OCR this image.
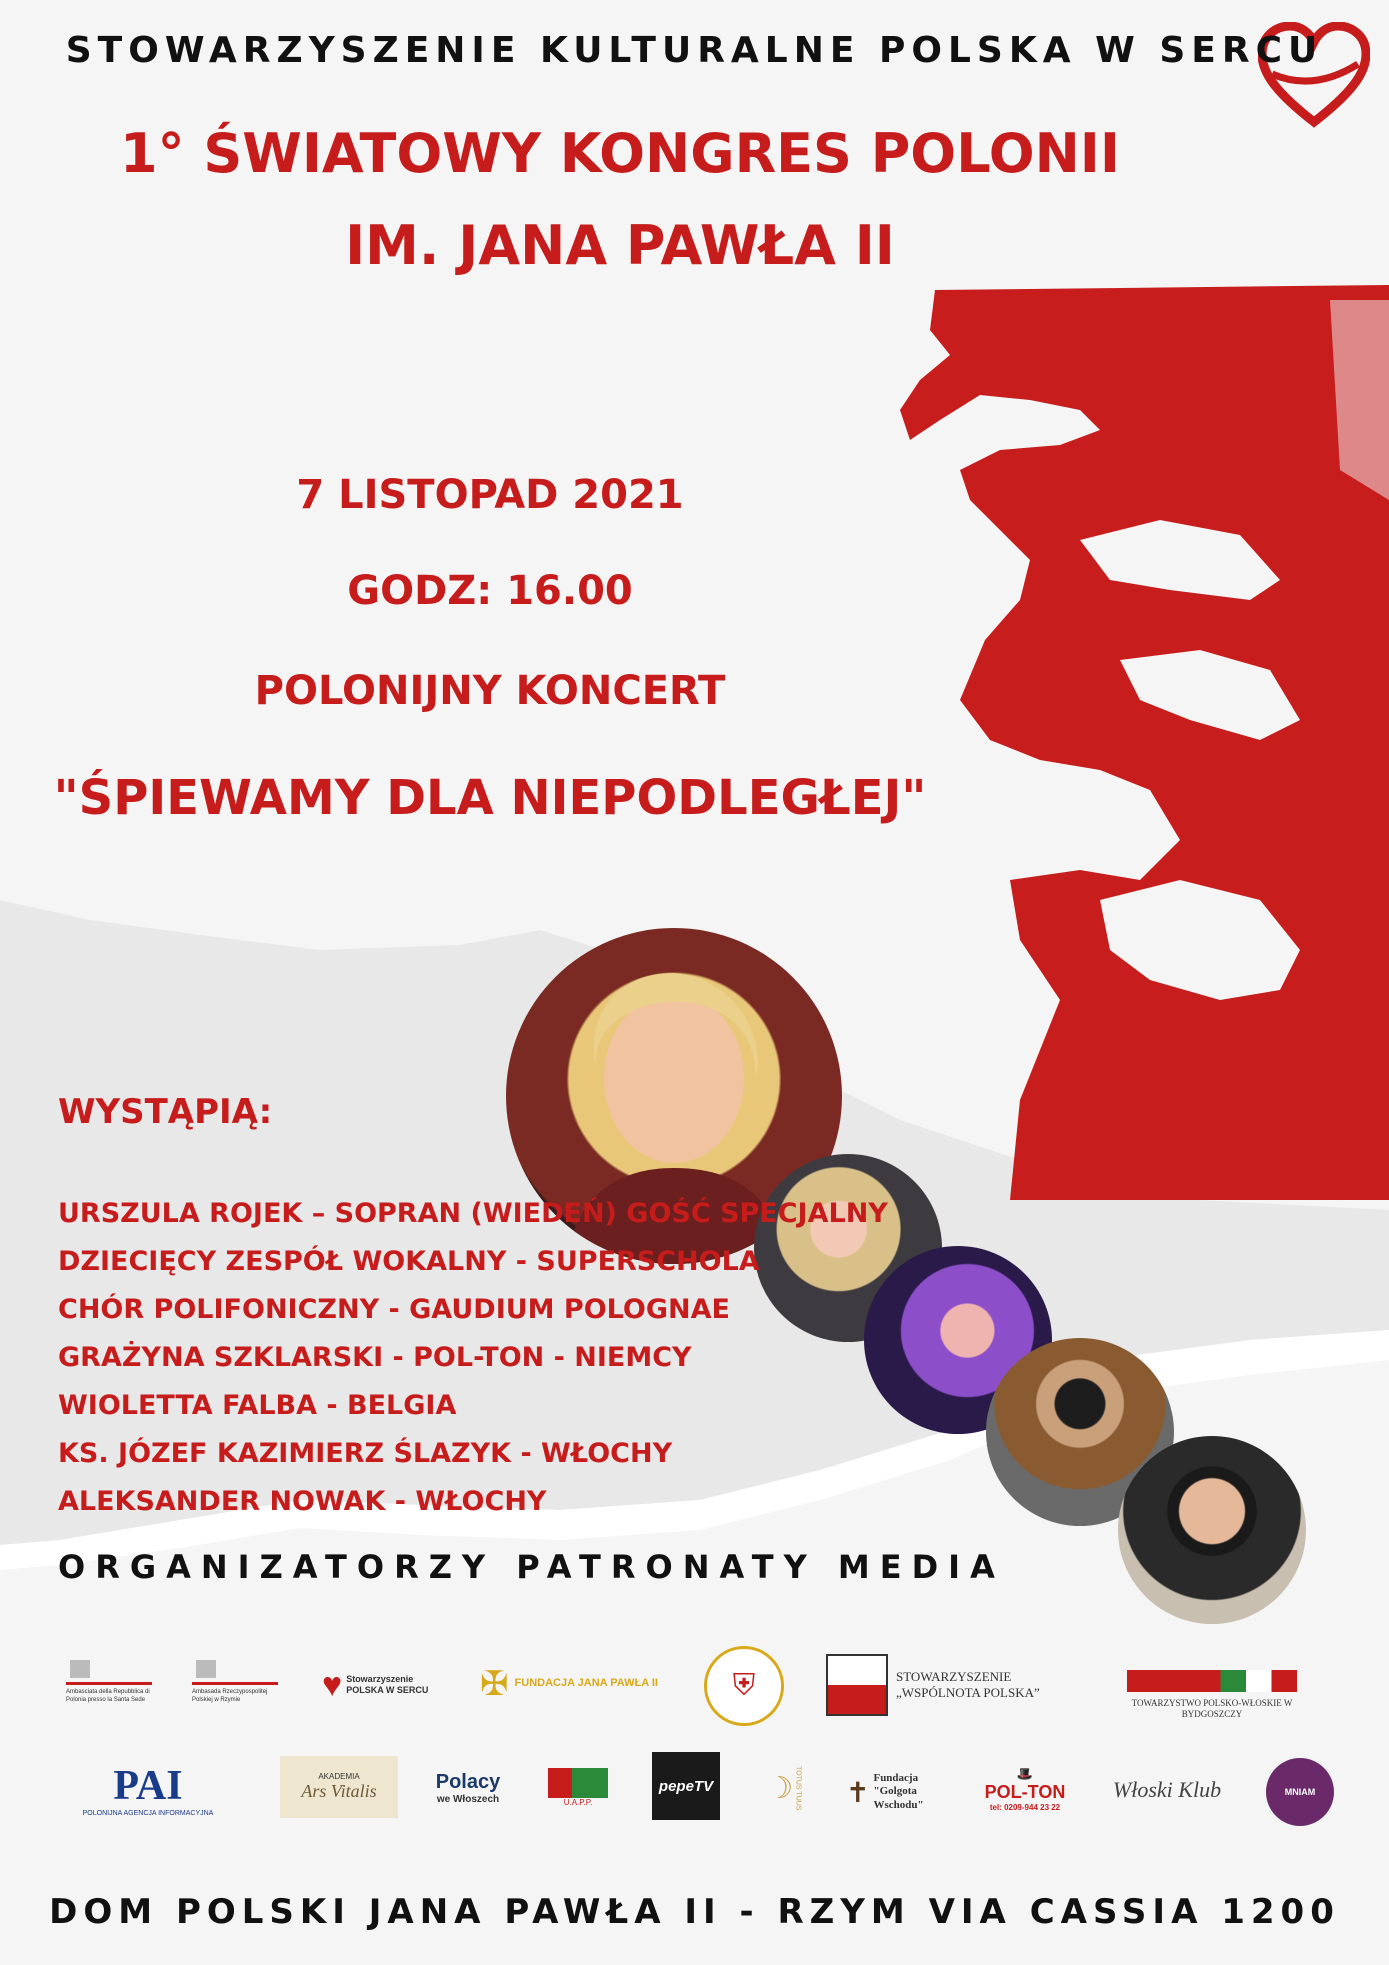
STOWARZYSZENIE KULTURALNE POLSKA W SERCU

1° ŚWIATOWY KONGRES POLONII

IM. JANA PAWŁA II

7 LISTOPAD 2021

GODZ: 16.00

POLONIJNY KONCERT

"ŚPIEWAMY DLA NIEPODLEGŁEJ"

WYSTĄPIĄ:

URSZULA ROJEK – SOPRAN (WIEDEŃ) GOŚĆ SPECJALNY

DZIECIĘCY ZESPÓŁ WOKALNY - SUPERSCHOLA

CHÓR POLIFONICZNY - GAUDIUM POLOGNAE

GRAŻYNA SZKLARSKI - POL-TON - NIEMCY

WIOLETTA FALBA - BELGIA

KS. JÓZEF KAZIMIERZ ŚLAZYK - WŁOCHY

ALEKSANDER NOWAK - WŁOCHY

ORGANIZATORZY PATRONATY MEDIA

Ambasciata della Repubblica di Polonia presso la Santa Sede
Ambasada Rzeczypospolitej Polskiej w Rzymie	♥ Stowarzyszenie POLSKA W SERCU	✠ FUNDACJA JANA PAWŁA II ⛨	STOWARZYSZENIE „WSPÓLNOTA POLSKA”
TOWARZYSTWO POLSKO-WŁOSKIE W BYDGOSZCZY
PAI
POLONIJNA AGENCJA INFORMACYJNA
AKADEMIA
Ars Vitalis	Polacy
we Włoszech	U.A.P.P.
pepeTV ☽ TOTUS TUUS ✝ Fundacja "Golgota Wschodu"
🎩
POL-TON
tel: 0209-944 23 22
Włoski Klub	MNIAM

DOM POLSKI JANA PAWŁA II - RZYM VIA CASSIA 1200
